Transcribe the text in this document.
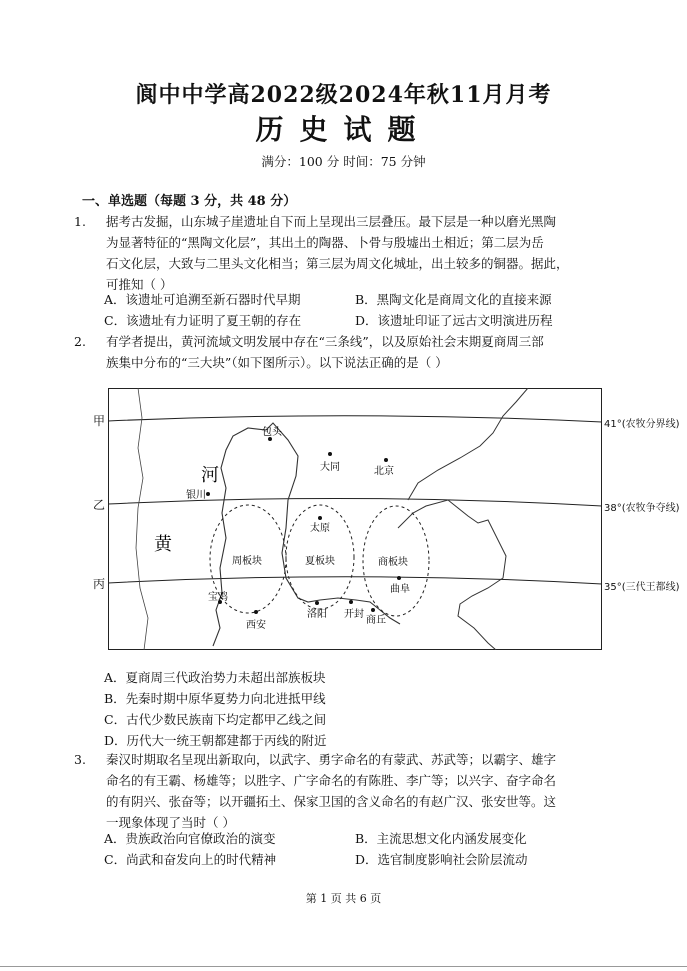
阆中中学高2022级2024年秋11月月考
历史试题
满分：100 分 时间：75 分钟
一、单选题（每题 3 分，共 48 分）
1.	据考古发掘，山东城子崖遗址自下而上呈现出三层叠压。最下层是一种以磨光黑陶
为显著特征的“黑陶文化层”，其出土的陶器、卜骨与殷墟出土相近；第二层为岳
石文化层，大致与二里头文化相当；第三层为周文化城址，出土较多的铜器。据此，
可推知（ ）
A．该遗址可追溯至新石器时代早期	B．黑陶文化是商周文化的直接来源
C．该遗址有力证明了夏王朝的存在	D．该遗址印证了远古文明演进历程
2.	有学者提出，黄河流域文明发展中存在“三条线”，以及原始社会末期夏商周三部
族集中分布的“三大块”（如下图所示）。以下说法正确的是（ ）
甲
乙
丙
包头
大同	北京
银川
太原
曲阜
宝鸡
西安
洛阳 开封
商丘
周板块	夏板块	商板块
河
黄
41°(农牧分界线)
38°(农牧争夺线)
35°(三代王都线)
A．夏商周三代政治势力未超出部族板块
B．先秦时期中原华夏势力向北进抵甲线
C．古代少数民族南下均定都甲乙线之间
D．历代大一统王朝都建都于丙线的附近
3.	秦汉时期取名呈现出新取向，以武字、勇字命名的有蒙武、苏武等；以霸字、雄字
命名的有王霸、杨雄等；以胜字、广字命名的有陈胜、李广等；以兴字、奋字命名
的有阴兴、张奋等；以开疆拓土、保家卫国的含义命名的有赵广汉、张安世等。这
一现象体现了当时（ ）
A．贵族政治向官僚政治的演变	B．主流思想文化内涵发展变化
C．尚武和奋发向上的时代精神	D．选官制度影响社会阶层流动
第 1 页 共 6 页
